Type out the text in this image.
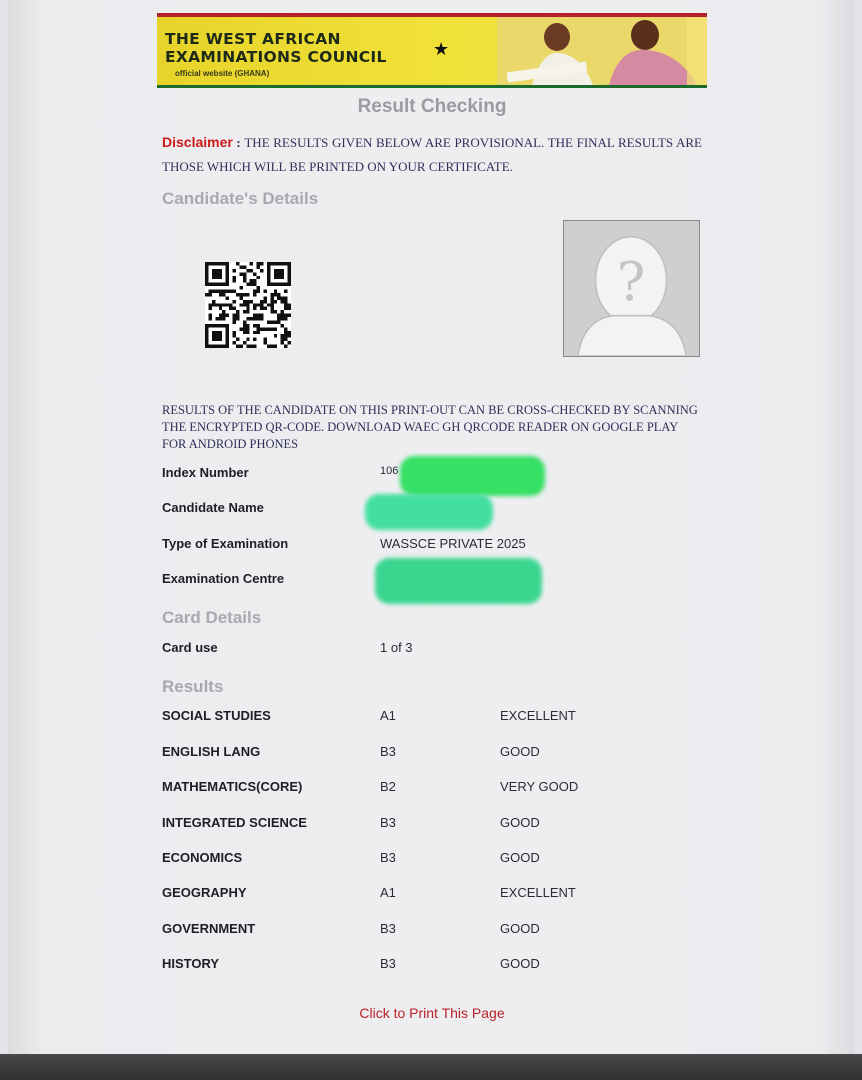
THE WEST AFRICAN
EXAMINATIONS COUNCIL
official website (GHANA)
★
Result Checking
Disclaimer : THE RESULTS GIVEN BELOW ARE PROVISIONAL. THE FINAL RESULTS ARE THOSE WHICH WILL BE PRINTED ON YOUR CERTIFICATE.
Candidate's Details
?
RESULTS OF THE CANDIDATE ON THIS PRINT-OUT CAN BE CROSS-CHECKED BY SCANNING THE ENCRYPTED QR-CODE. DOWNLOAD WAEC GH QRCODE READER ON GOOGLE PLAY FOR ANDROID PHONES
Index Number	106
Candidate Name
Type of Examination	WASSCE PRIVATE 2025
Examination Centre
Card Details
Card use	1 of 3
Results
SOCIAL STUDIES	A1	EXCELLENT
ENGLISH LANG	B3	GOOD
MATHEMATICS(CORE)	B2	VERY GOOD
INTEGRATED SCIENCE	B3	GOOD
ECONOMICS	B3	GOOD
GEOGRAPHY	A1	EXCELLENT
GOVERNMENT	B3	GOOD
HISTORY	B3	GOOD
Click to Print This Page
